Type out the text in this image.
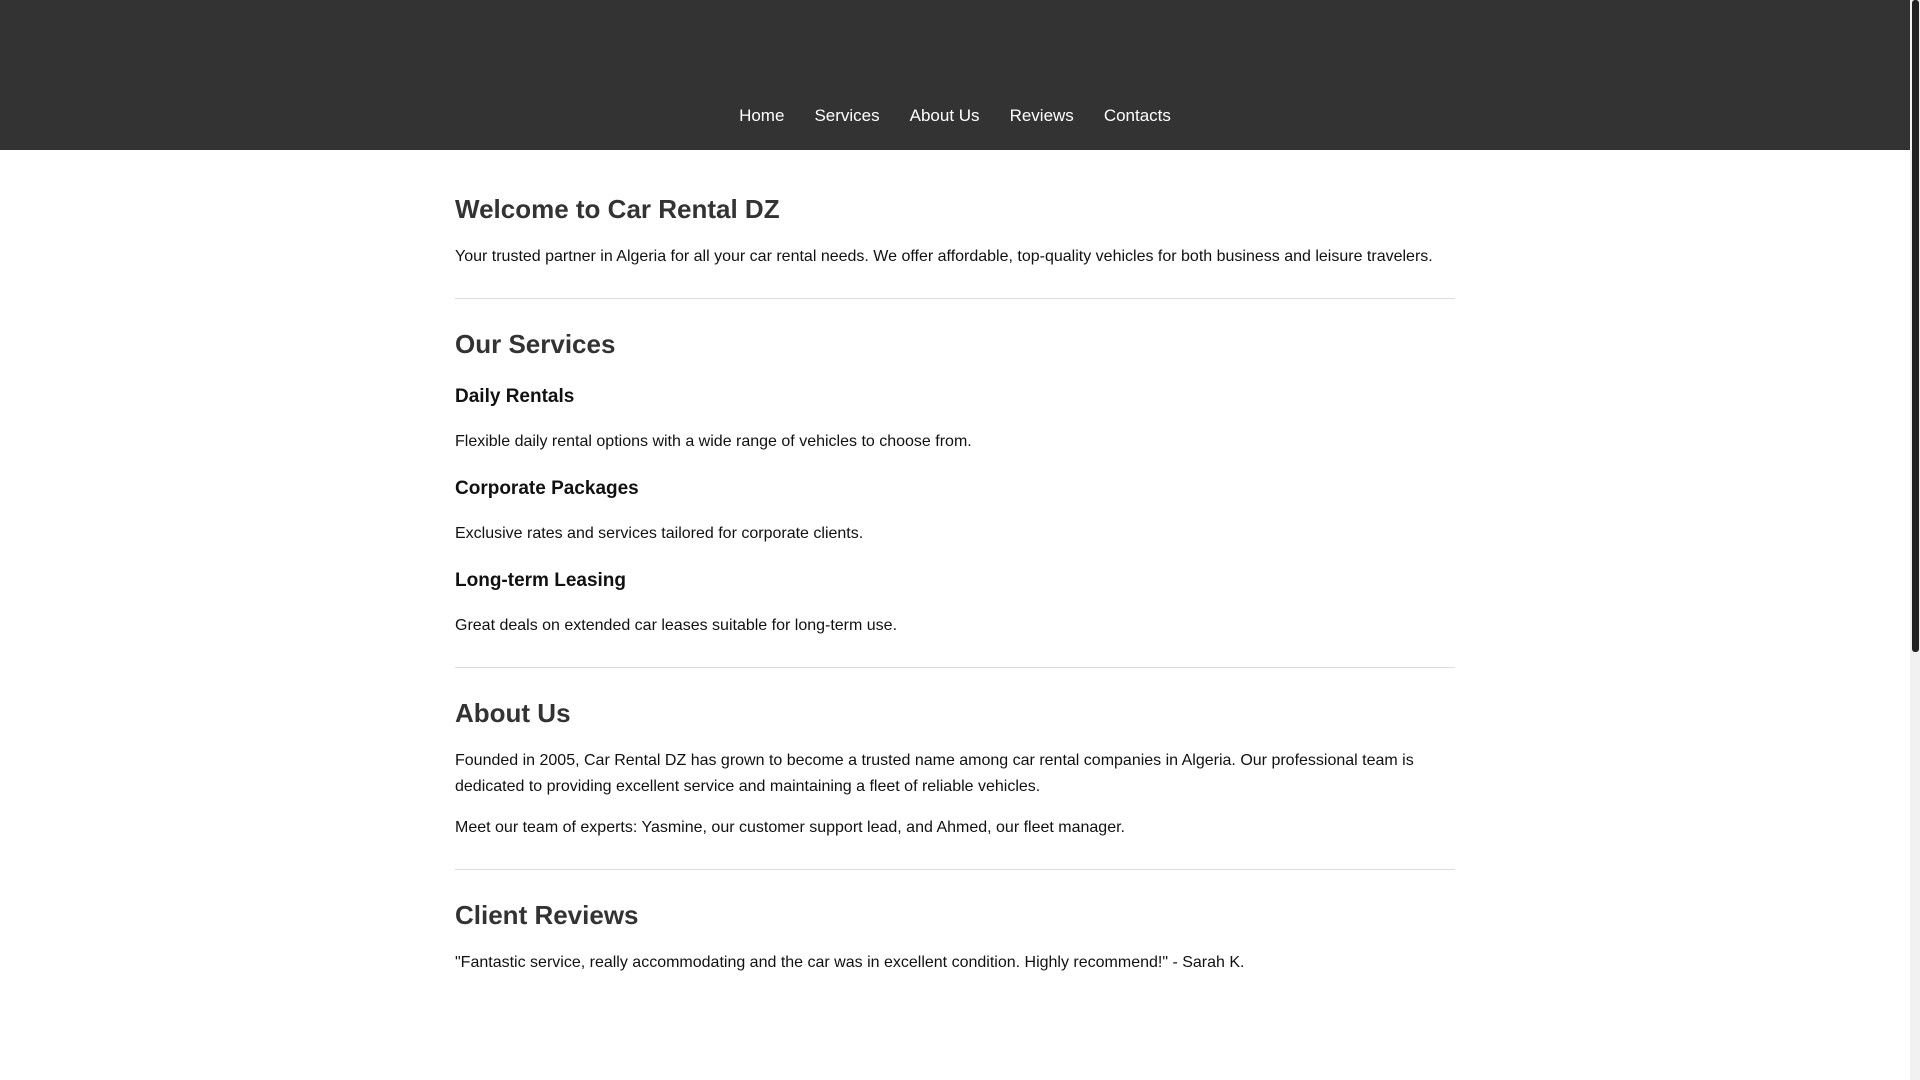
Home	Services	About Us	Reviews	Contacts
Welcome to Car Rental DZ

Your trusted partner in Algeria for all your car rental needs. We offer affordable, top-quality vehicles for both business and leisure travelers.

Our Services
Daily Rentals

Flexible daily rental options with a wide range of vehicles to choose from.

Corporate Packages

Exclusive rates and services tailored for corporate clients.

Long-term Leasing

Great deals on extended car leases suitable for long-term use.

About Us

Founded in 2005, Car Rental DZ has grown to become a trusted name among car rental companies in Algeria. Our professional team is dedicated to providing excellent service and maintaining a fleet of reliable vehicles.

Meet our team of experts: Yasmine, our customer support lead, and Ahmed, our fleet manager.

Client Reviews

"Fantastic service, really accommodating and the car was in excellent condition. Highly recommend!" - Sarah K.
